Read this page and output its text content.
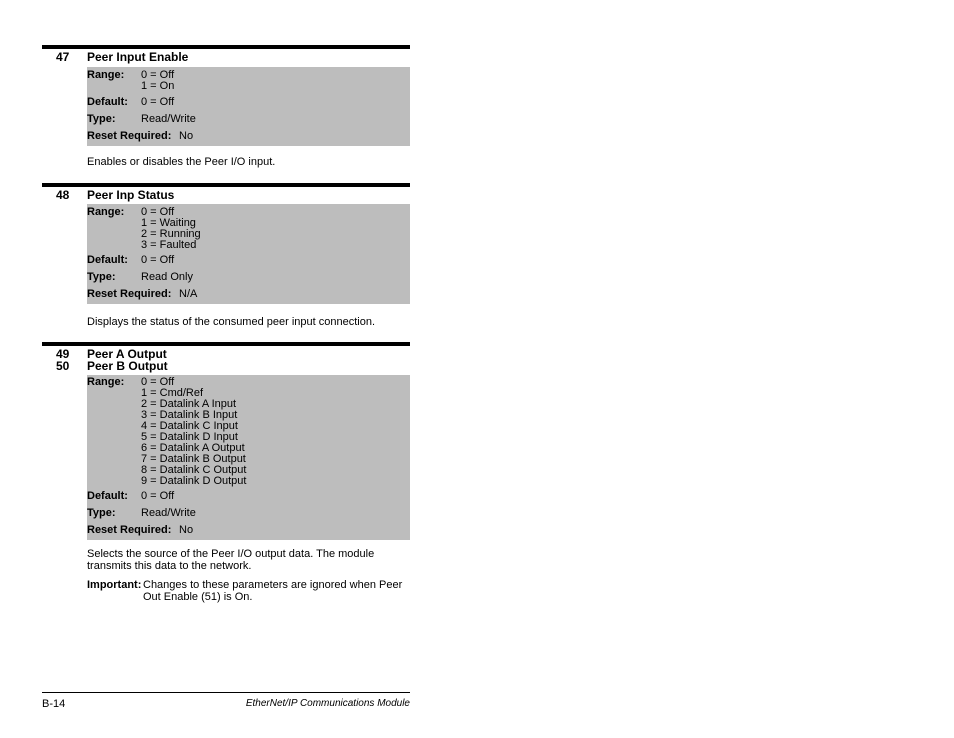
47 Peer Input Enable
Range: 0 = Off
1 = On
Default: 0 = Off
Type: Read/Write
Reset Required: No
Enables or disables the Peer I/O input.
48 Peer Inp Status
Range: 0 = Off
1 = Waiting
2 = Running
3 = Faulted
Default: 0 = Off
Type: Read Only
Reset Required: N/A
Displays the status of the consumed peer input connection.
49 Peer A Output
50 Peer B Output
Range: 0 = Off
1 = Cmd/Ref
2 = Datalink A Input
3 = Datalink B Input
4 = Datalink C Input
5 = Datalink D Input
6 = Datalink A Output
7 = Datalink B Output
8 = Datalink C Output
9 = Datalink D Output
Default: 0 = Off
Type: Read/Write
Reset Required: No
Selects the source of the Peer I/O output data. The module
transmits this data to the network.
Important: Changes to these parameters are ignored when Peer
Out Enable (51) is On.
B-14	EtherNet/IP Communications Module
